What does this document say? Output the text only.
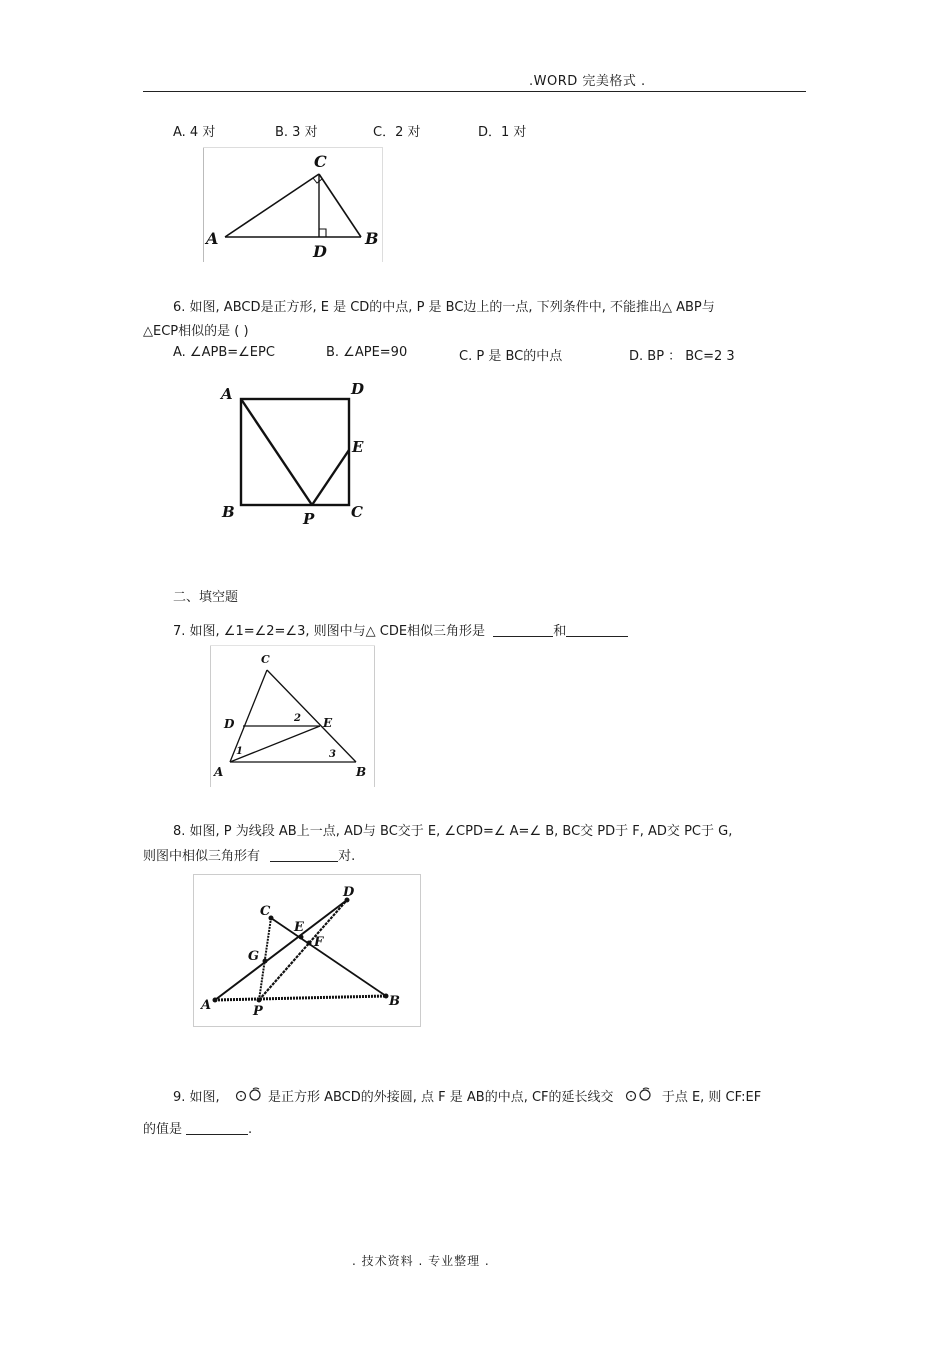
.WORD 完美格式 .
A. 4 对	B. 3 对	C．2 对	D．1 对
A	B
C
D
6. 如图, ABCD是正方形, E 是 CD的中点, P 是 BC边上的一点, 下列条件中, 不能推出△ ABP与
△ECP相似的是 ( )
A. ∠APB=∠EPC	B. ∠APE=90	C. P 是 BC的中点	D. BP ： BC=2 3
A	D
E
B	P C
二、填空题
7. 如图, ∠1=∠2=∠3, 则图中与△ CDE相似三角形是	和
C
D	E
A	B
2
1	3
8. 如图, P 为线段 AB上一点, AD与 BC交于 E, ∠CPD=∠ A=∠ B, BC交 PD于 F, AD交 PC于 G,
则图中相似三角形有	对.
A	B
C
D
E
F
G
P
9. 如图,	是正方形 ABCD的外接圆, 点 F 是 AB的中点, CF的延长线交	于点 E, 则 CF:EF
的值是	.
. 技术资料 . 专业整理 .
